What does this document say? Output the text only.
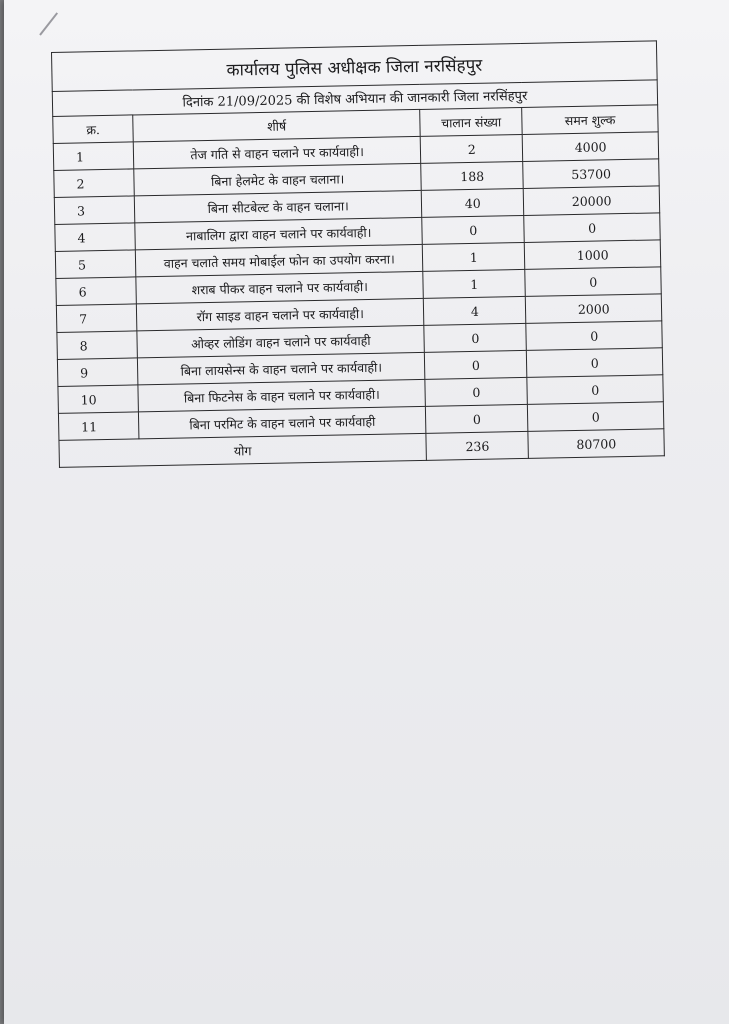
कार्यालय पुलिस अधीक्षक जिला नरसिंहपुर			
दिनांक 21/09/2025 की विशेष अभियान की जानकारी जिला नरसिंहपुर			
क्र.	शीर्ष	चालान संख्या	समन शुल्क
1	तेज गति से वाहन चलाने पर कार्यवाही।	2	4000
2	बिना हेलमेट के वाहन चलाना।	188	53700
3	बिना सीटबेल्ट के वाहन चलाना।	40	20000
4	नाबालिग द्वारा वाहन चलाने पर कार्यवाही।	0	0
5	वाहन चलाते समय मोबाईल फोन का उपयोग करना।	1	1000
6	शराब पीकर वाहन चलाने पर कार्यवाही।	1	0
7	रॉग साइड वाहन चलाने पर कार्यवाही।	4	2000
8	ओव्हर लोडिंग वाहन चलाने पर कार्यवाही	0	0
9	बिना लायसेन्स के वाहन चलाने पर कार्यवाही।	0	0
10	बिना फिटनेस के वाहन चलाने पर कार्यवाही।	0	0
11	बिना परमिट के वाहन चलाने पर कार्यवाही	0	0
योग		236	80700
